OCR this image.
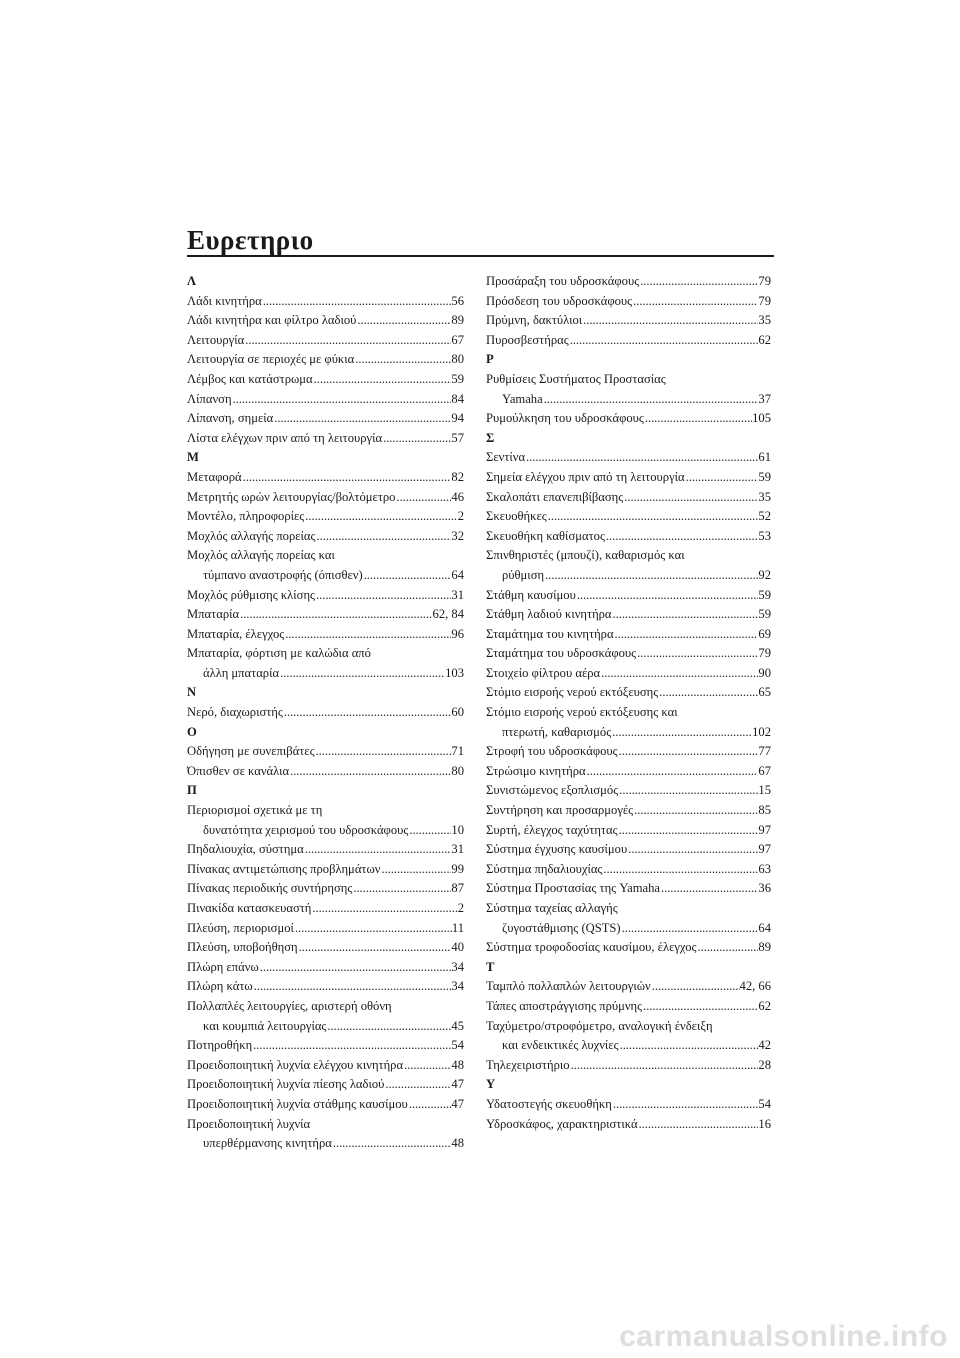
Ευρετηριο
Λ
Λάδι κινητήρα . . .	56
Λάδι κινητήρα και φίλτρο λαδιού . . .	89
Λειτουργία . . .	67
Λειτουργία σε περιοχές με φύκια . . .	80
Λέμβος και κατάστρωμα . . .	59
Λίπανση . . .	84
Λίπανση, σημεία . . .	94
Λίστα ελέγχων πριν από τη λειτουργία . . .	57
Μ
Μεταφορά . . .	82
Μετρητής ωρών λειτουργίας/βολτόμετρο . . .	46
Μοντέλο, πληροφορίες . . .	2
Μοχλός αλλαγής πορείας . . .	32
Μοχλός αλλαγής πορείας και
τύμπανο αναστροφής (όπισθεν) . . .	64
Μοχλός ρύθμισης κλίσης . . .	31
Μπαταρία . . .	62, 84
Μπαταρία, έλεγχος . . .	96
Μπαταρία, φόρτιση με καλώδια από
άλλη μπαταρία . . .	103
Ν
Νερό, διαχωριστής . . .	60
Ο
Οδήγηση με συνεπιβάτες . . .	71
Όπισθεν σε κανάλια . . .	80
Π
Περιορισμοί σχετικά με τη
δυνατότητα χειρισμού του υδροσκάφους . . .	10
Πηδαλιουχία, σύστημα . . .	31
Πίνακας αντιμετώπισης προβλημάτων . . .	99
Πίνακας περιοδικής συντήρησης . . .	87
Πινακίδα κατασκευαστή . . .	2
Πλεύση, περιορισμοί . . .	11
Πλεύση, υποβοήθηση . . .	40
Πλώρη επάνω . . .	34
Πλώρη κάτω . . .	34
Πολλαπλές λειτουργίες, αριστερή οθόνη
και κουμπιά λειτουργίας . . .	45
Ποτηροθήκη . . .	54
Προειδοποιητική λυχνία ελέγχου κινητήρα . . .	48
Προειδοποιητική λυχνία πίεσης λαδιού . . .	47
Προειδοποιητική λυχνία στάθμης καυσίμου . . .	47
Προειδοποιητική λυχνία
υπερθέρμανσης κινητήρα . . .	48
Προσάραξη του υδροσκάφους . . .	79
Πρόσδεση του υδροσκάφους . . .	79
Πρύμνη, δακτύλιοι . . .	35
Πυροσβεστήρας . . .	62
Ρ
Ρυθμίσεις Συστήματος Προστασίας
Yamaha . . .	37
Ρυμούλκηση του υδροσκάφους . . .	105
Σ
Σεντίνα . . .	61
Σημεία ελέγχου πριν από τη λειτουργία . . .	59
Σκαλοπάτι επανεπιβίβασης . . .	35
Σκευοθήκες . . .	52
Σκευοθήκη καθίσματος . . .	53
Σπινθηριστές (μπουζί), καθαρισμός και
ρύθμιση . . .	92
Στάθμη καυσίμου . . .	59
Στάθμη λαδιού κινητήρα . . .	59
Σταμάτημα του κινητήρα . . .	69
Σταμάτημα του υδροσκάφους . . .	79
Στοιχείο φίλτρου αέρα . . .	90
Στόμιο εισροής νερού εκτόξευσης . . .	65
Στόμιο εισροής νερού εκτόξευσης και
πτερωτή, καθαρισμός . . .	102
Στροφή του υδροσκάφους . . .	77
Στρώσιμο κινητήρα . . .	67
Συνιστώμενος εξοπλισμός . . .	15
Συντήρηση και προσαρμογές . . .	85
Συρτή, έλεγχος ταχύτητας . . .	97
Σύστημα έγχυσης καυσίμου . . .	97
Σύστημα πηδαλιουχίας . . .	63
Σύστημα Προστασίας της Yamaha . . .	36
Σύστημα ταχείας αλλαγής
ζυγοστάθμισης (QSTS) . . .	64
Σύστημα τροφοδοσίας καυσίμου, έλεγχος . . .	89
Τ
Ταμπλό πολλαπλών λειτουργιών . . .	42, 66
Τάπες αποστράγγισης πρύμνης . . .	62
Ταχύμετρο/στροφόμετρο, αναλογική ένδειξη
και ενδεικτικές λυχνίες . . .	42
Τηλεχειριστήριο . . .	28
Υ
Υδατοστεγής σκευοθήκη . . .	54
Υδροσκάφος, χαρακτηριστικά . . .	16
carmanualsonline.info
